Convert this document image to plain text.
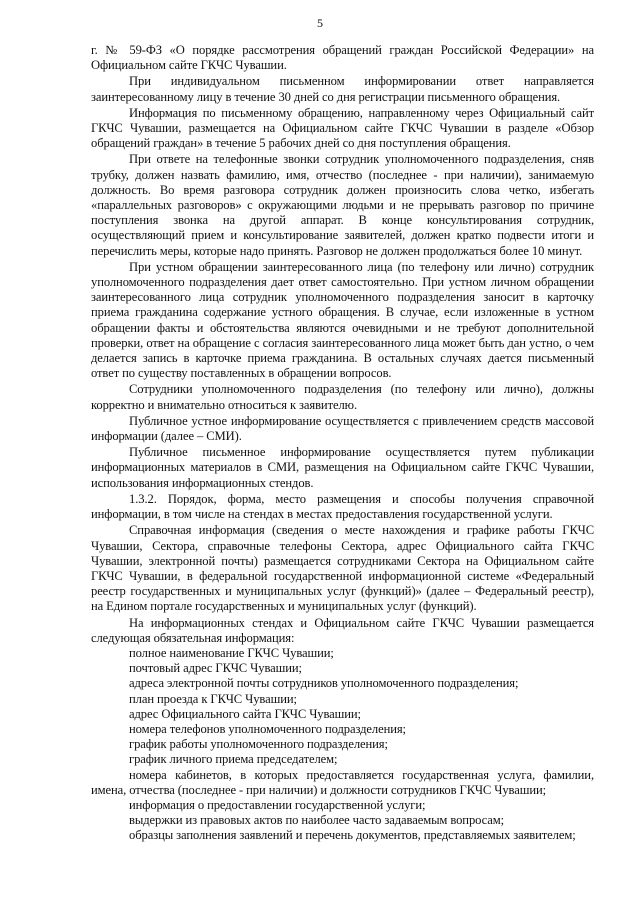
5

г. № 59-ФЗ «О порядке рассмотрения обращений граждан Российской Федерации» на Официальном сайте ГКЧС Чувашии.

При индивидуальном письменном информировании ответ направляется заинтересованному лицу в течение 30 дней со дня регистрации письменного обращения.

Информация по письменному обращению, направленному через Официальный сайт ГКЧС Чувашии, размещается на Официальном сайте ГКЧС Чувашии в разделе «Обзор обращений граждан» в течение 5 рабочих дней со дня поступления обращения.

При ответе на телефонные звонки сотрудник уполномоченного подразделения, сняв трубку, должен назвать фамилию, имя, отчество (последнее - при наличии), занимаемую должность. Во время разговора сотрудник должен произносить слова четко, избегать «параллельных разговоров» с окружающими людьми и не прерывать разговор по причине поступления звонка на другой аппарат. В конце консультирования сотрудник, осуществляющий прием и консультирование заявителей, должен кратко подвести итоги и перечислить меры, которые надо принять. Разговор не должен продолжаться более 10 минут.

При устном обращении заинтересованного лица (по телефону или лично) сотрудник уполномоченного подразделения дает ответ самостоятельно. При устном личном обращении заинтересованного лица сотрудник уполномоченного подразделения заносит в карточку приема гражданина содержание устного обращения. В случае, если изложенные в устном обращении факты и обстоятельства являются очевидными и не требуют дополнительной проверки, ответ на обращение с согласия заинтересованного лица может быть дан устно, о чем делается запись в карточке приема гражданина. В остальных случаях дается письменный ответ по существу поставленных в обращении вопросов.

Сотрудники уполномоченного подразделения (по телефону или лично), должны корректно и внимательно относиться к заявителю.

Публичное устное информирование осуществляется с привлечением средств массовой информации (далее – СМИ).

Публичное письменное информирование осуществляется путем публикации информационных материалов в СМИ, размещения на Официальном сайте ГКЧС Чувашии, использования информационных стендов.

1.3.2. Порядок, форма, место размещения и способы получения справочной информации, в том числе на стендах в местах предоставления государственной услуги.

Справочная информация (сведения о месте нахождения и графике работы ГКЧС Чувашии, Сектора, справочные телефоны Сектора, адрес Официального сайта ГКЧС Чувашии, электронной почты) размещается сотрудниками Сектора на Официальном сайте ГКЧС Чувашии, в федеральной государственной информационной системе «Федеральный реестр государственных и муниципальных услуг (функций)» (далее – Федеральный реестр), на Едином портале государственных и муниципальных услуг (функций).

На информационных стендах и Официальном сайте ГКЧС Чувашии размещается следующая обязательная информация:

полное наименование ГКЧС Чувашии;

почтовый адрес ГКЧС Чувашии;

адреса электронной почты сотрудников уполномоченного подразделения;

план проезда к ГКЧС Чувашии;

адрес Официального сайта ГКЧС Чувашии;

номера телефонов уполномоченного подразделения;

график работы уполномоченного подразделения;

график личного приема председателем;

номера кабинетов, в которых предоставляется государственная услуга, фамилии, имена, отчества (последнее - при наличии) и должности сотрудников ГКЧС Чувашии;

информация о предоставлении государственной услуги;

выдержки из правовых актов по наиболее часто задаваемым вопросам;

образцы заполнения заявлений и перечень документов, представляемых заявителем;
